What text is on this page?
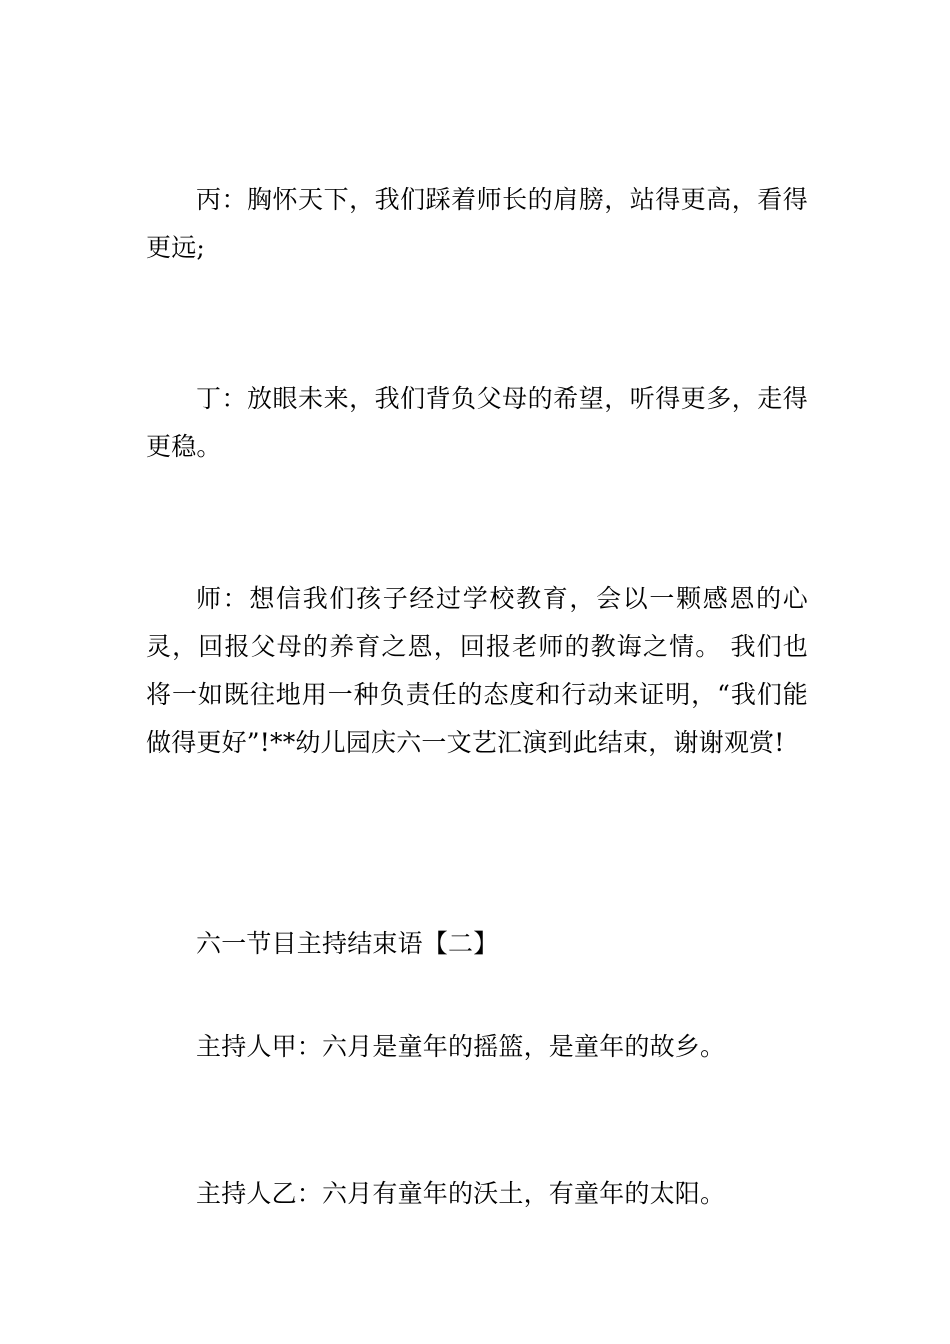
丙：胸怀天下，我们踩着师长的肩膀，站得更高，看得更远;

丁：放眼未来，我们背负父母的希望，听得更多，走得更稳。

师：想信我们孩子经过学校教育，会以一颗感恩的心灵，回报父母的养育之恩，回报老师的教诲之情。 我们也将一如既往地用一种负责任的态度和行动来证明，“我们能做得更好”!**幼儿园庆六一文艺汇演到此结束，谢谢观赏!

六一节目主持结束语【二】

主持人甲：六月是童年的摇篮，是童年的故乡。

主持人乙：六月有童年的沃土，有童年的太阳。
